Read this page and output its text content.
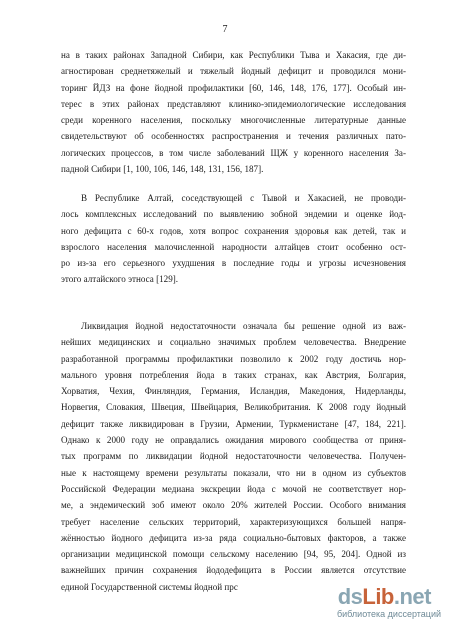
7
на в таких районах Западной Сибири, как Республики Тыва и Хакасия, где ди-
агностирован среднетяжелый и тяжелый йодный дефицит и проводился мони-
торинг ЙДЗ на фоне йодной профилактики [60, 146, 148, 176, 177]. Особый ин-
терес в этих районах представляют клинико-эпидемиологические исследования
среди коренного населения, поскольку многочисленные литературные данные
свидетельствуют об особенностях распространения и течения различных пато-
логических процессов, в том числе заболеваний ЩЖ у коренного населения За-
падной Сибири [1, 100, 106, 146, 148, 131, 156, 187].
В Республике Алтай, соседствующей с Тывой и Хакасией, не проводи-
лось комплексных исследований по выявлению зобной эндемии и оценке йод-
ного дефицита с 60-х годов, хотя вопрос сохранения здоровья как детей, так и
взрослого населения малочисленной народности алтайцев стоит особенно ост-
ро из-за его серьезного ухудшения в последние годы и угрозы исчезновения
этого алтайского этноса [129].
Ликвидация йодной недостаточности означала бы решение одной из важ-
нейших медицинских и социально значимых проблем человечества. Внедрение
разработанной программы профилактики позволило к 2002 году достичь нор-
мального уровня потребления йода в таких странах, как Австрия, Болгария,
Хорватия, Чехия, Финляндия, Германия, Исландия, Македония, Нидерланды,
Норвегия, Словакия, Швеция, Швейцария, Великобритания. К 2008 году йодный
дефицит также ликвидирован в Грузии, Армении, Туркменистане [47, 184, 221].
Однако к 2000 году не оправдались ожидания мирового сообщества от приня-
тых программ по ликвидации йодной недостаточности человечества. Получен-
ные к настоящему времени результаты показали, что ни в одном из субъектов
Российской Федерации медиана экскреции йода с мочой не соответствует нор-
ме, а эндемический зоб имеют около 20% жителей России. Особого внимания
требует население сельских территорий, характеризующихся большей напря-
жённостью йодного дефицита из-за ряда социально-бытовых факторов, а также
организации медицинской помощи сельскому населению [94, 95, 204]. Одной из
важнейших причин сохранения йододефицита в России является отсутствие
единой Государственной системы йодной прс	dsLib.net
библиотека диссертаций
